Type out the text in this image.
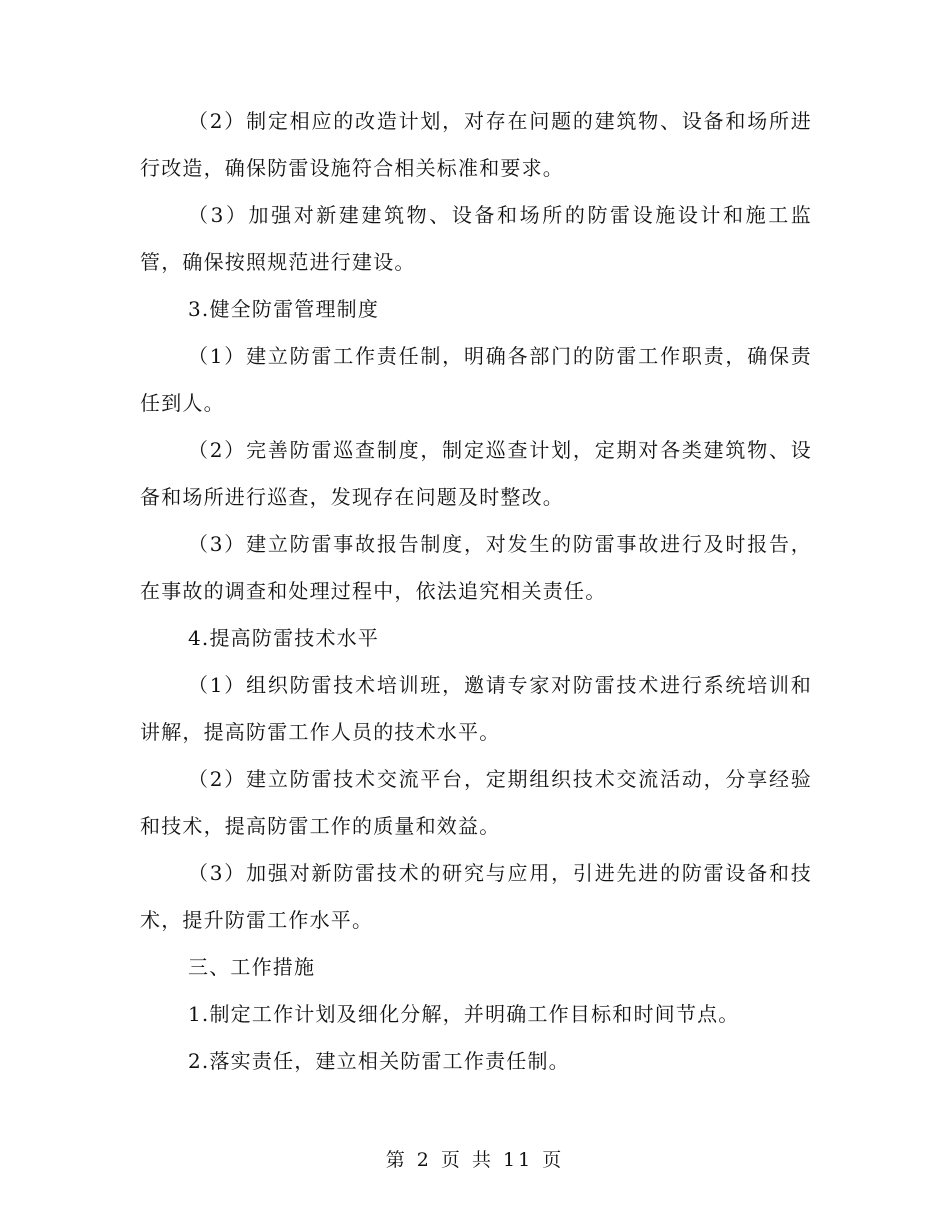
（2）制定相应的改造计划，对存在问题的建筑物、设备和场所进行改造，确保防雷设施符合相关标准和要求。

（3）加强对新建建筑物、设备和场所的防雷设施设计和施工监管，确保按照规范进行建设。

3.健全防雷管理制度

（1）建立防雷工作责任制，明确各部门的防雷工作职责，确保责任到人。

（2）完善防雷巡查制度，制定巡查计划，定期对各类建筑物、设备和场所进行巡查，发现存在问题及时整改。

（3）建立防雷事故报告制度，对发生的防雷事故进行及时报告，在事故的调查和处理过程中，依法追究相关责任。

4.提高防雷技术水平

（1）组织防雷技术培训班，邀请专家对防雷技术进行系统培训和讲解，提高防雷工作人员的技术水平。

（2）建立防雷技术交流平台，定期组织技术交流活动，分享经验和技术，提高防雷工作的质量和效益。

（3）加强对新防雷技术的研究与应用，引进先进的防雷设备和技术，提升防雷工作水平。

三、工作措施

1.制定工作计划及细化分解，并明确工作目标和时间节点。

2.落实责任，建立相关防雷工作责任制。

第 2 页 共 11 页
